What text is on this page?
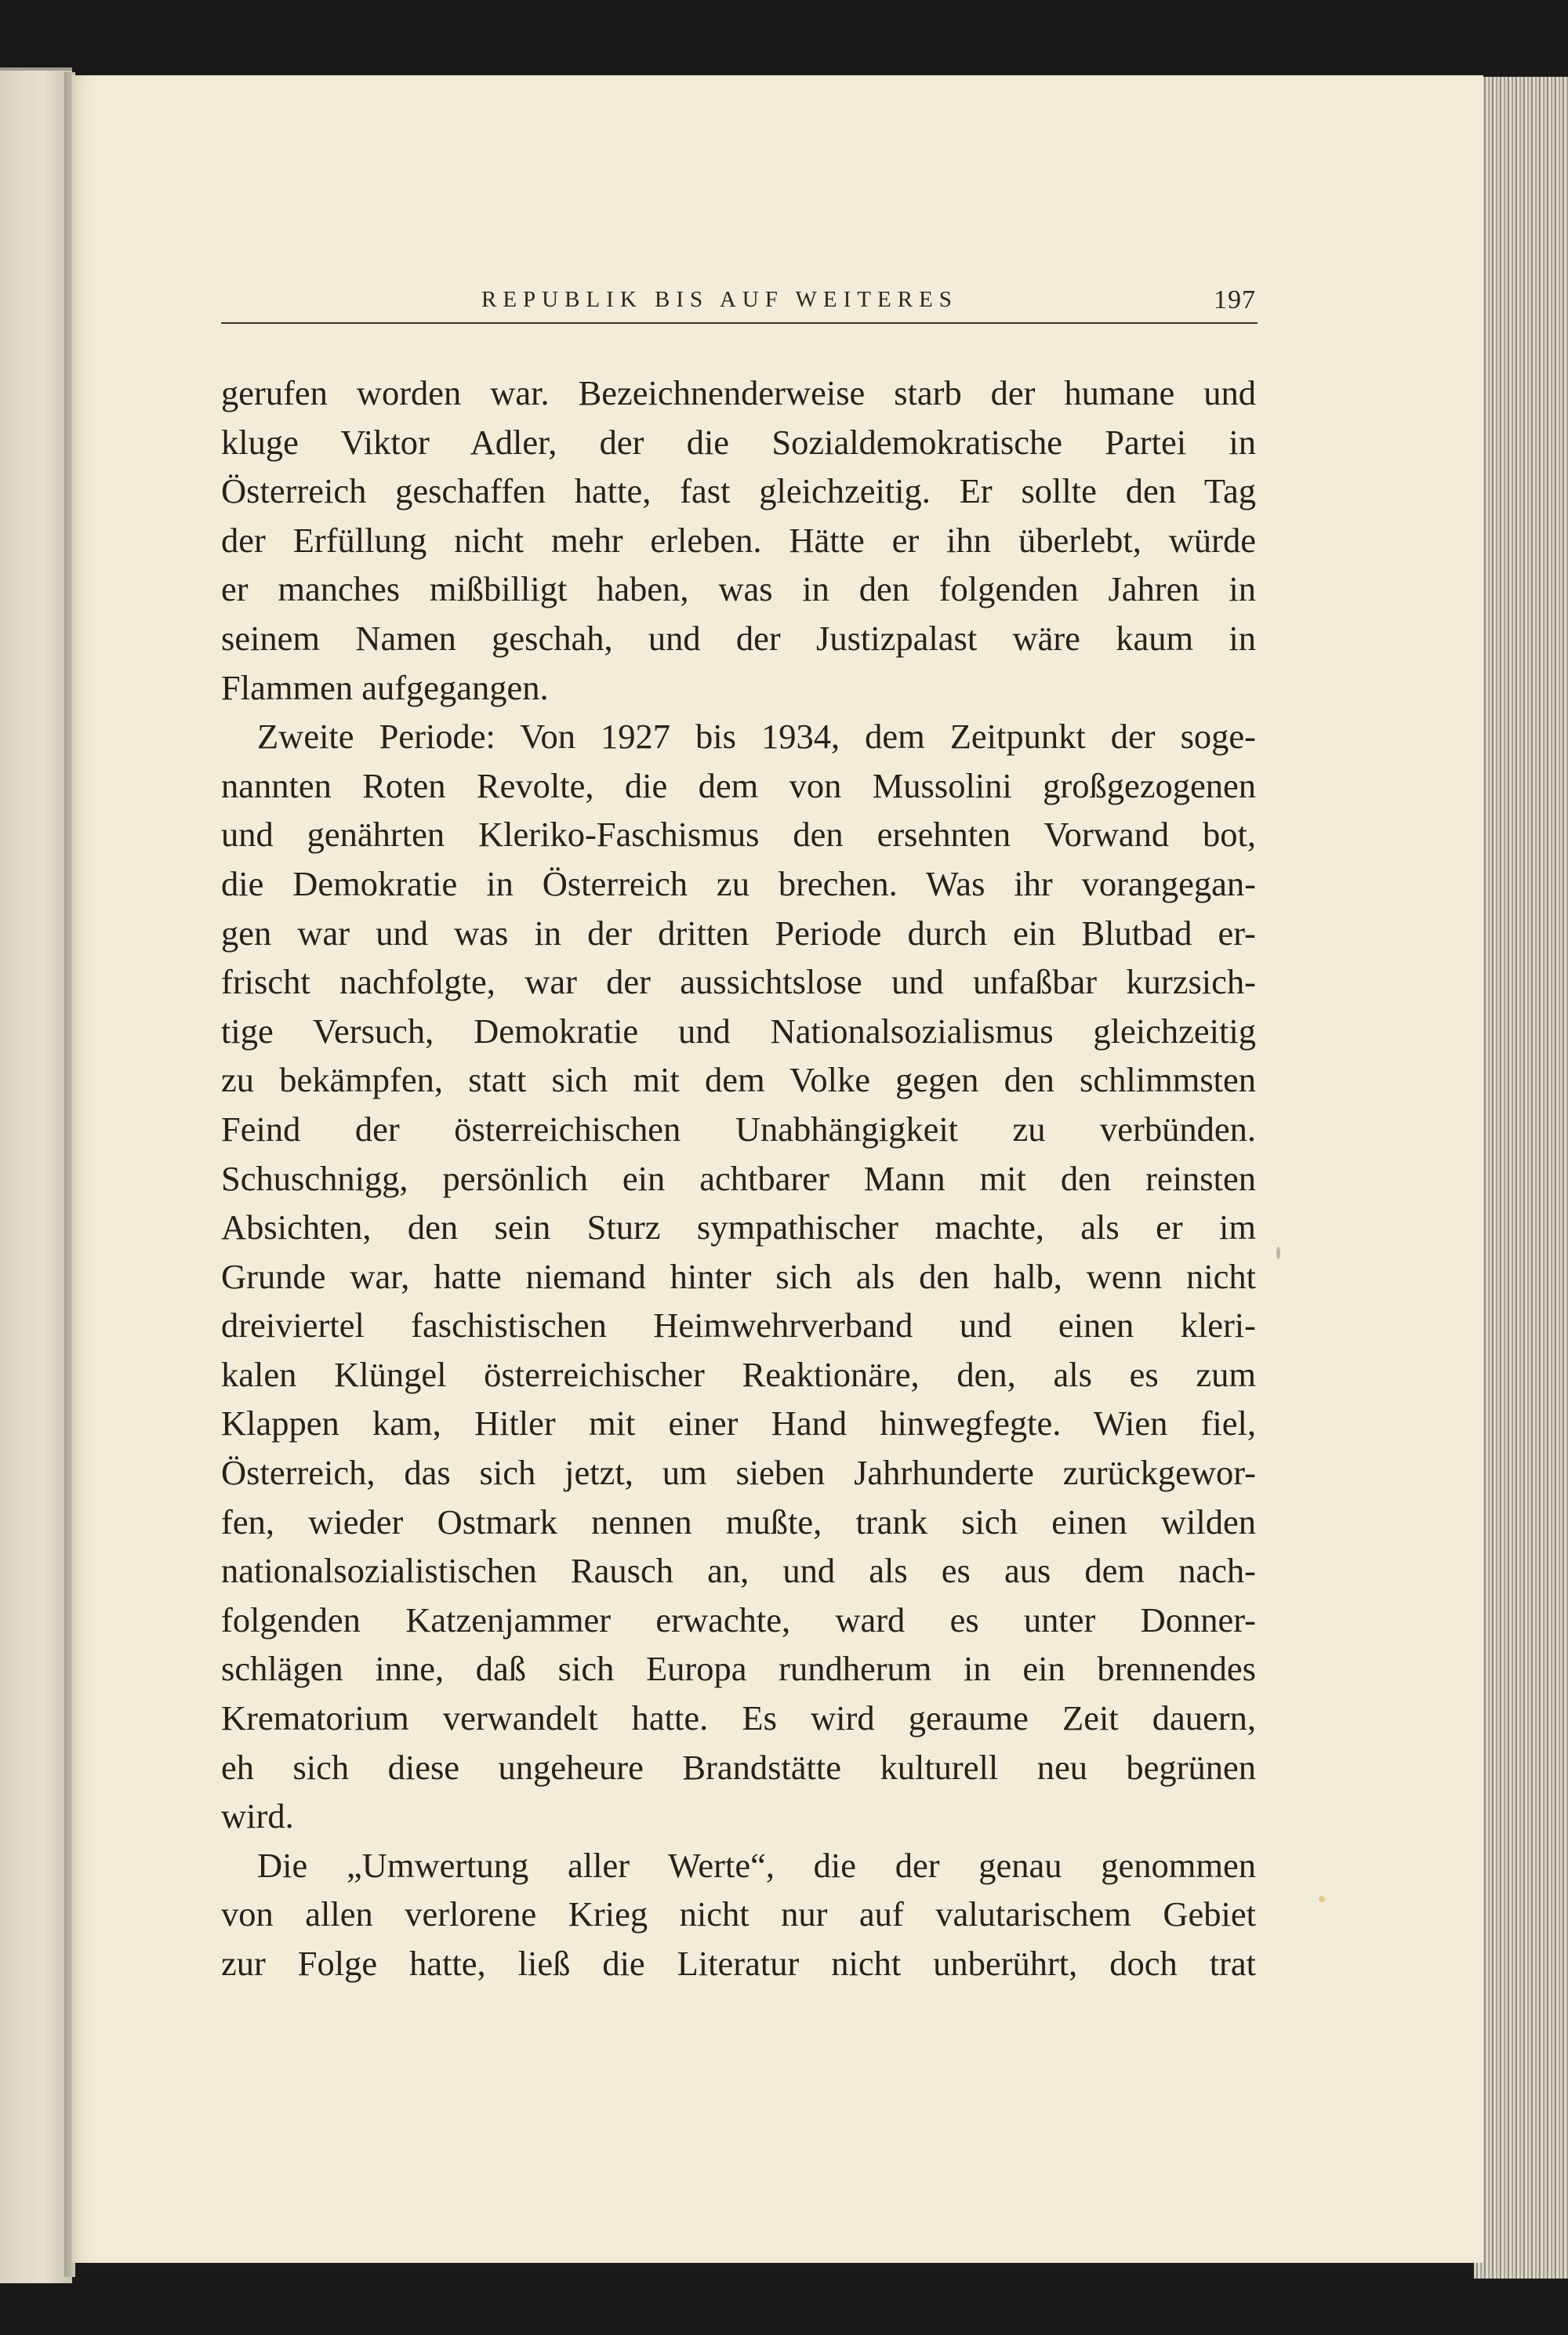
REPUBLIK BIS AUF WEITERES	197
gerufen worden war. Bezeichnenderweise starb der humane und
kluge Viktor Adler, der die Sozialdemokratische Partei in
Österreich geschaffen hatte, fast gleichzeitig. Er sollte den Tag
der Erfüllung nicht mehr erleben. Hätte er ihn überlebt, würde
er manches mißbilligt haben, was in den folgenden Jahren in
seinem Namen geschah, und der Justizpalast wäre kaum in
Flammen aufgegangen.
Zweite Periode: Von 1927 bis 1934, dem Zeitpunkt der soge-
nannten Roten Revolte, die dem von Mussolini großgezogenen
und genährten Kleriko-Faschismus den ersehnten Vorwand bot,
die Demokratie in Österreich zu brechen. Was ihr vorangegan-
gen war und was in der dritten Periode durch ein Blutbad er-
frischt nachfolgte, war der aussichtslose und unfaßbar kurzsich-
tige Versuch, Demokratie und Nationalsozialismus gleichzeitig
zu bekämpfen, statt sich mit dem Volke gegen den schlimmsten
Feind der österreichischen Unabhängigkeit zu verbünden.
Schuschnigg, persönlich ein achtbarer Mann mit den reinsten
Absichten, den sein Sturz sympathischer machte, als er im
Grunde war, hatte niemand hinter sich als den halb, wenn nicht
dreiviertel faschistischen Heimwehrverband und einen kleri-
kalen Klüngel österreichischer Reaktionäre, den, als es zum
Klappen kam, Hitler mit einer Hand hinwegfegte. Wien fiel,
Österreich, das sich jetzt, um sieben Jahrhunderte zurückgewor-
fen, wieder Ostmark nennen mußte, trank sich einen wilden
nationalsozialistischen Rausch an, und als es aus dem nach-
folgenden Katzenjammer erwachte, ward es unter Donner-
schlägen inne, daß sich Europa rundherum in ein brennendes
Krematorium verwandelt hatte. Es wird geraume Zeit dauern,
eh sich diese ungeheure Brandstätte kulturell neu begrünen
wird.
Die „Umwertung aller Werte“, die der genau genommen
von allen verlorene Krieg nicht nur auf valutarischem Gebiet
zur Folge hatte, ließ die Literatur nicht unberührt, doch trat
